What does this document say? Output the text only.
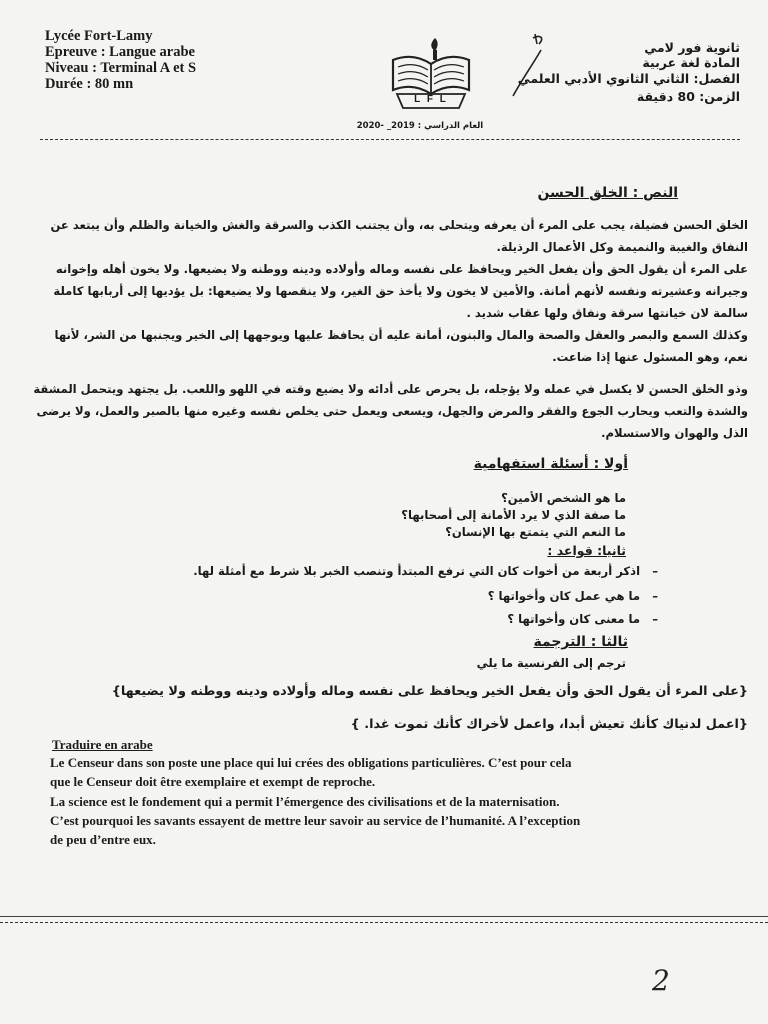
Lycée Fort-Lamy
Epreuve : Langue arabe
Niveau : Terminal A et S
Durée : 80 mn
L F L
ثانوية فور لامي
المادة لغة عربية
الفصل: الثاني الثانوي الأدبي العلمي
الزمن: 80 دقيقة
العام الدراسي : 2019_ -2020
النص : الخلق الحسن
الخلق الحسن فضيلة، يجب على المرء أن يعرفه ويتحلى به، وأن يجتنب الكذب والسرقة والغش والخيانة والظلم وأن يبتعد عن النفاق والغيبة والنميمة وكل الأعمال الرذيلة.
على المرء أن يقول الحق وأن يفعل الخير ويحافظ على نفسه وماله وأولاده ودينه ووطنه ولا يضيعها. ولا يخون أهله وإخوانه وجيرانه وعشيرته ونفسه لأنهم أمانة. والأمين لا يخون ولا يأخذ حق الغير، ولا ينقصها ولا يضيعها: بل يؤديها إلى أربابها كاملة سالمة لان خيانتها سرقة ونفاق ولها عقاب شديد .
وكذلك السمع والبصر والعقل والصحة والمال والبنون، أمانة عليه أن يحافظ عليها ويوجهها إلى الخير ويجنبها من الشر، لأنها نعم، وهو المسئول عنها إذا ضاعت.
وذو الخلق الحسن لا يكسل في عمله ولا يؤجله، بل يحرص على أدائه ولا يضيع وقته في اللهو واللعب. بل يجتهد ويتحمل المشقة والشدة والتعب ويحارب الجوع والفقر والمرض والجهل، ويسعى ويعمل حتى يخلص نفسه وغيره منها بالصبر والعمل، ولا يرضى الذل والهوان والاستسلام.
أولا : أسئلة استفهامية
ما هو الشخص الأمين؟
ما صفة الذي لا يرد الأمانة إلى أصحابها؟
ما النعم التي يتمتع بها الإنسان؟
ثانيا: قواعد :
–   اذكر أربعة من أخوات كان التي ترفع المبتدأ وتنصب الخبر بلا شرط مع أمثلة لها.
–   ما هي عمل كان وأخواتها ؟
–   ما معنى كان وأخواتها ؟
ثالثا : الترجمة
ترجم إلى الفرنسية ما يلي
{على المرء أن يقول الحق وأن يفعل الخير ويحافظ على نفسه وماله وأولاده ودينه ووطنه ولا يضيعها}
{اعمل لدنياك كأنك تعيش أبدا، واعمل لأخراك كأنك تموت غدا. }
Traduire en arabe
Le Censeur dans son poste une place qui lui crées des obligations particulières. C’est pour cela
que le Censeur doit être exemplaire et exempt de reproche.
La science est le fondement qui a permit l’émergence des civilisations et de la maternisation.
C’est pourquoi les savants essayent de mettre leur savoir au service de l’humanité. A l’exception
de peu d’entre eux.
2
